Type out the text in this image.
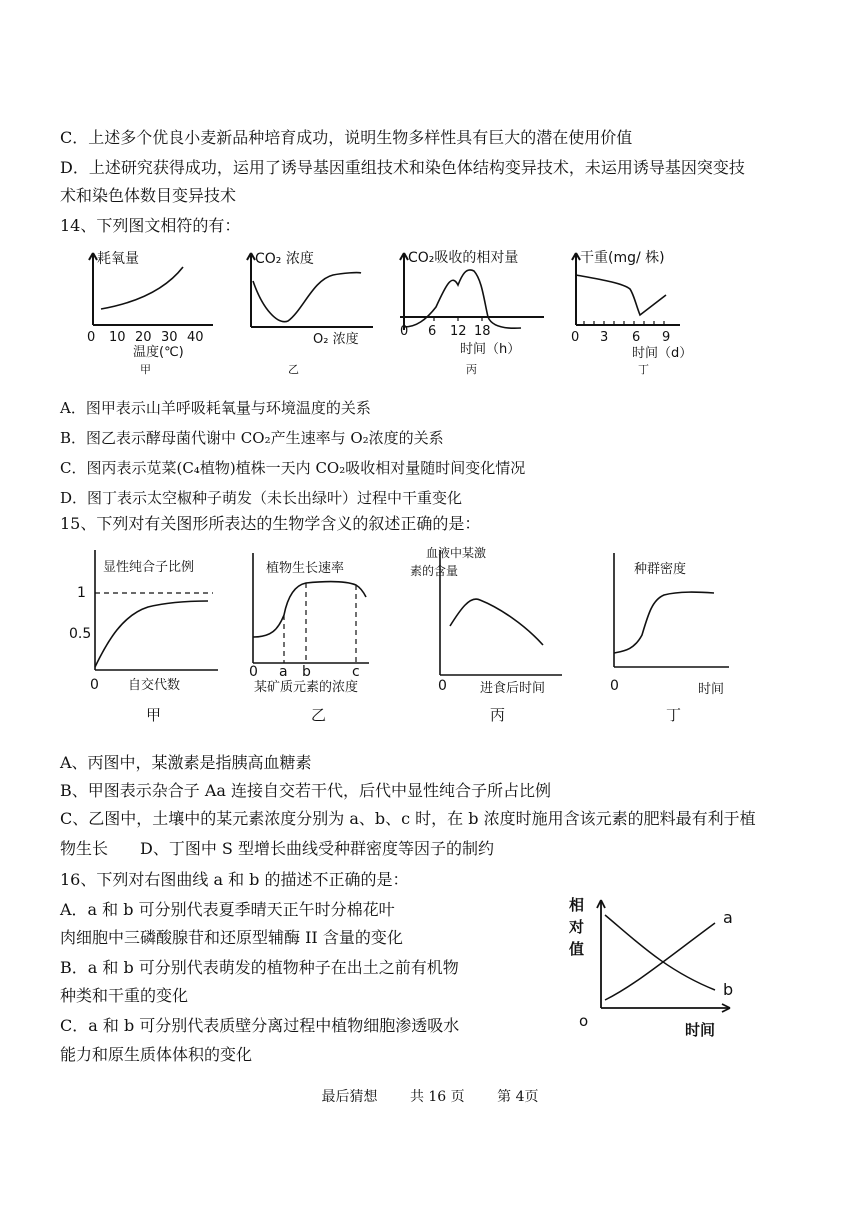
C．上述多个优良小麦新品种培育成功，说明生物多样性具有巨大的潜在使用价值
D．上述研究获得成功，运用了诱导基因重组技术和染色体结构变异技术，未运用诱导基因突变技
术和染色体数目变异技术
14、下列图文相符的有：
耗氧量
0 10 20 30 40
温度(℃)
甲
CO₂ 浓度
O₂ 浓度
乙
CO₂吸收的相对量
0 6 12 18
时间（h）
丙
干重(mg/ 株)
0 3 6 9
时间（d）
丁
A．图甲表示山羊呼吸耗氧量与环境温度的关系
B．图乙表示酵母菌代谢中 CO₂产生速率与 O₂浓度的关系
C．图丙表示苋菜(C₄植物)植株一天内 CO₂吸收相对量随时间变化情况
D．图丁表示太空椒种子萌发（未长出绿叶）过程中干重变化
15、下列对有关图形所表达的生物学含义的叙述正确的是：
显性纯合子比例
1
0.5
0 自交代数
甲
植物生长速率
0 a b	c
某矿质元素的浓度
乙
血液中某激
素的含量
0	进食后时间
丙
种群密度
0	时间
丁
A、丙图中，某激素是指胰高血糖素
B、甲图表示杂合子 Aa 连接自交若干代，后代中显性纯合子所占比例
C、乙图中，土壤中的某元素浓度分别为 a、b、c 时，在 b 浓度时施用含该元素的肥料最有利于植
物生长　　D、丁图中 S 型增长曲线受种群密度等因子的制约
16、下列对右图曲线 a 和 b 的描述不正确的是：
A．a 和 b 可分别代表夏季晴天正午时分棉花叶
肉细胞中三磷酸腺苷和还原型辅酶 II 含量的变化
B．a 和 b 可分别代表萌发的植物种子在出土之前有机物
种类和干重的变化
C．a 和 b 可分别代表质壁分离过程中植物细胞渗透吸水
能力和原生质体体积的变化
相 对 值
o	时间
a
b
最后猜想 共 16 页 第 4页
